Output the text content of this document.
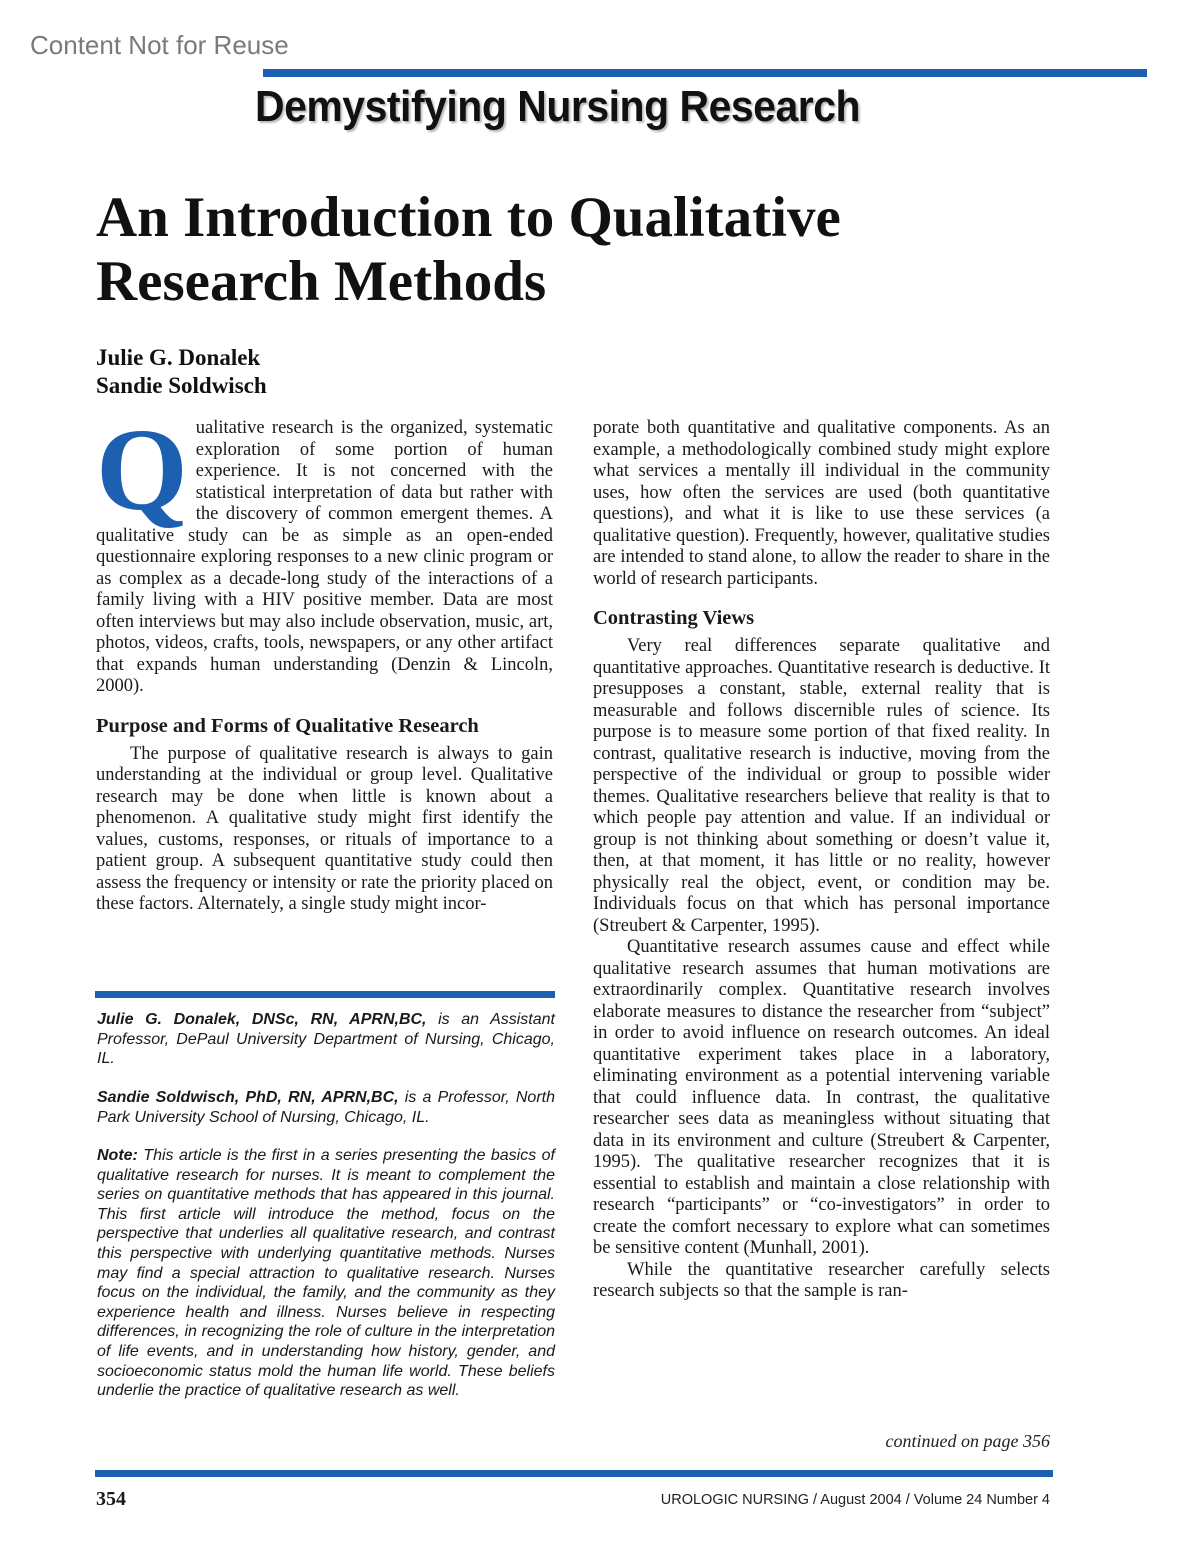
Content Not for Reuse
Demystifying Nursing Research
An Introduction to Qualitative
Research Methods
Julie G. Donalek
Sandie Soldwisch

Qualitative research is the organized, systematic exploration of some portion of human experience. It is not concerned with the statistical interpretation of data but rather with the discovery of common emergent themes. A qualitative study can be as simple as an open-ended questionnaire exploring responses to a new clinic program or as complex as a decade-long study of the interactions of a family living with a HIV positive member. Data are most often interviews but may also include observation, music, art, photos, videos, crafts, tools, newspapers, or any other artifact that expands human understanding (Denzin & Lincoln, 2000).

Purpose and Forms of Qualitative Research

The purpose of qualitative research is always to gain understanding at the individual or group level. Qualitative research may be done when little is known about a phenomenon. A qualitative study might first identify the values, customs, responses, or rituals of importance to a patient group. A subsequent quantitative study could then assess the frequency or intensity or rate the priority placed on these factors. Alternately, a single study might incor-

Julie G. Donalek, DNSc, RN, APRN,BC, is an Assistant Professor, DePaul University Department of Nursing, Chicago, IL.

Sandie Soldwisch, PhD, RN, APRN,BC, is a Professor, North Park University School of Nursing, Chicago, IL.

Note: This article is the first in a series presenting the basics of qualitative research for nurses. It is meant to complement the series on quantitative methods that has appeared in this journal. This first article will introduce the method, focus on the perspective that underlies all qualitative research, and contrast this perspective with underlying quantitative methods. Nurses may find a special attraction to qualitative research. Nurses focus on the individual, the family, and the community as they experience health and illness. Nurses believe in respecting differences, in recognizing the role of culture in the interpretation of life events, and in understanding how history, gender, and socioeconomic status mold the human life world. These beliefs underlie the practice of qualitative research as well.

porate both quantitative and qualitative components. As an example, a methodologically combined study might explore what services a mentally ill individual in the community uses, how often the services are used (both quantitative questions), and what it is like to use these services (a qualitative question). Frequently, however, qualitative studies are intended to stand alone, to allow the reader to share in the world of research participants.

Contrasting Views

Very real differences separate qualitative and quantitative approaches. Quantitative research is deductive. It presupposes a constant, stable, external reality that is measurable and follows discernible rules of science. Its purpose is to measure some portion of that fixed reality. In contrast, qualitative research is inductive, moving from the perspective of the individual or group to possible wider themes. Qualitative researchers believe that reality is that to which people pay attention and value. If an individual or group is not thinking about something or doesn’t value it, then, at that moment, it has little or no reality, however physically real the object, event, or condition may be. Individuals focus on that which has personal importance (Streubert & Carpenter, 1995).

Quantitative research assumes cause and effect while qualitative research assumes that human motivations are extraordinarily complex. Quantitative research involves elaborate measures to distance the researcher from “subject” in order to avoid influence on research outcomes. An ideal quantitative experiment takes place in a laboratory, eliminating environment as a potential intervening variable that could influence data. In contrast, the qualitative researcher sees data as meaningless without situating that data in its environment and culture (Streubert & Carpenter, 1995). The qualitative researcher recognizes that it is essential to establish and maintain a close relationship with research “participants” or “co-investigators” in order to create the comfort necessary to explore what can sometimes be sensitive content (Munhall, 2001).

While the quantitative researcher carefully selects research subjects so that the sample is ran-

continued on page 356
354	UROLOGIC NURSING / August 2004 / Volume 24 Number 4
